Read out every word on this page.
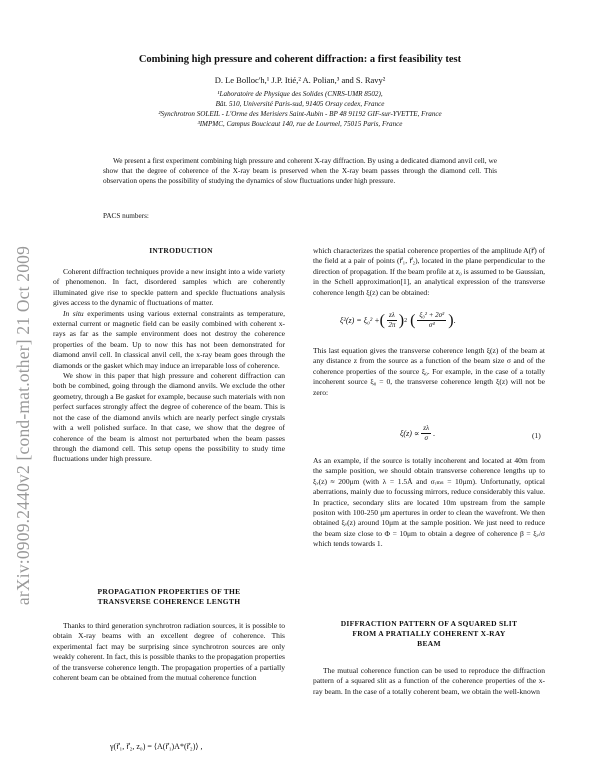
arXiv:0909.2440v2 [cond-mat.other] 21 Oct 2009
Combining high pressure and coherent diffraction: a first feasibility test
D. Le Bolloc'h,¹ J.P. Itié,² A. Polian,³ and S. Ravy²
¹Laboratoire de Physique des Solides (CNRS-UMR 8502),
Bât. 510, Université Paris-sud, 91405 Orsay cedex, France
²Synchrotron SOLEIL - L'Orme des Merisiers Saint-Aubin - BP 48 91192 GIF-sur-YVETTE, France
³IMPMC, Campus Boucicaut 140, rue de Lourmel, 75015 Paris, France

We present a first experiment combining high pressure and coherent X-ray diffraction. By using a dedicated diamond anvil cell, we show that the degree of coherence of the X-ray beam is preserved when the X-ray beam passes through the diamond cell. This observation opens the possibility of studying the dynamics of slow fluctuations under high pressure.

PACS numbers:
INTRODUCTION

Coherent diffraction techniques provide a new insight into a wide variety of phenomenon. In fact, disordered samples which are coherently illuminated give rise to speckle pattern and speckle fluctuations analysis gives access to the dynamic of fluctuations of matter.

In situ experiments using various external constraints as temperature, external current or magnetic field can be easily combined with coherent x-rays as far as the sample environment does not destroy the coherence properties of the beam. Up to now this has not been demonstrated for diamond anvil cell. In classical anvil cell, the x-ray beam goes through the diamonds or the gasket which may induce an irreparable loss of coherence.

We show in this paper that high pressure and coherent diffraction can both be combined, going through the diamond anvils. We exclude the other geometry, through a Be gasket for example, because such materials with non perfect surfaces strongly affect the degree of coherence of the beam. This is not the case of the diamond anvils which are nearly perfect single crystals with a well polished surface. In that case, we show that the degree of coherence of the beam is almost not perturbated when the beam passes through the diamond cell. This setup opens the possibility to study time fluctuations under high pressure.

PROPAGATION PROPERTIES OF THE
TRANSVERSE COHERENCE LENGTH

Thanks to third generation synchrotron radiation sources, it is possible to obtain X-ray beams with an excellent degree of coherence. This experimental fact may be surprising since synchrotron sources are only weakly coherent. In fact, this is possible thanks to the propagation properties of the transverse coherence length. The propagation properties of a partially coherent beam can be obtained from the mutual coherence function

γ(r⃗₁, r⃗₂, z₀) = ⟨A(r⃗₁)A*(r⃗₂)⟩ ,

which characterizes the spatial coherence properties of the amplitude A(r⃗) of the field at a pair of points (r⃗₁, r⃗₂), located in the plane perpendicular to the direction of propagation. If the beam profile at z₀ is assumed to be Gaussian, in the Schell approximation[1], an analytical expression of the transverse coherence length ξ(z) can be obtained:

ξ²(z) = ξ₀² + ( $\frac{z\lambda}{2\pi}$ ) 2 ( $\frac{\text{ξ₀² + 2σ²}}{\text{σ⁴}}$ ) .

This last equation gives the transverse coherence length ξ(z) of the beam at any distance z from the source as a function of the beam size σ and of the coherence properties of the source ξ₀. For example, in the case of a totally incoherent source ξ₀ = 0, the transverse coherence length ξ(z) will not be zero:

$\xi(z) \propto \frac{z\lambda}{\sigma}$ .	(1)

As an example, if the source is totally incoherent and located at 40m from the sample position, we should obtain transverse coherence lengths up to ξᵥ(z) ≈ 200μm (with λ = 1.5Å and σᵣₘₛ = 10μm). Unfortunatly, optical aberrations, mainly due to focussing mirrors, reduce considerably this value. In practice, secondary slits are located 10m upstream from the sample positon with 100-250 μm apertures in order to clean the wavefront. We then obtained ξᵥ(z) around 10μm at the sample position. We just need to reduce the beam size close to Φ = 10μm to obtain a degree of coherence β = ξᵥ/σ which tends towards 1.

DIFFRACTION PATTERN OF A SQUARED SLIT
FROM A PRATIALLY COHERENT X-RAY
BEAM

The mutual coherence function can be used to reproduce the diffraction pattern of a squared slit as a function of the coherence properties of the x-ray beam. In the case of a totally coherent beam, we obtain the well-known
